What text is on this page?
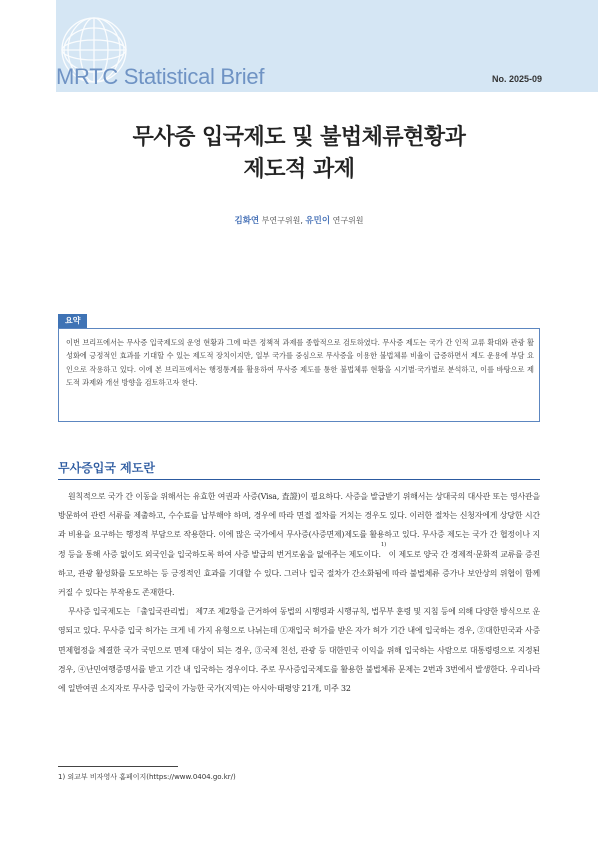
MRTC Statistical Brief	No. 2025-09
무사증 입국제도 및 불법체류현황과
제도적 과제
김화연 부연구위원, 유민이 연구위원
요약
이번 브리프에서는 무사증 입국제도의 운영 현황과 그에 따른 정책적 과제를 종합적으로 검토하였다. 무사증 제도는 국가 간 인적 교류 확대와 관광 활성화에 긍정적인 효과를 기대할 수 있는 제도적 장치이지만, 일부 국가를 중심으로 무사증을 이용한 불법체류 비율이 급증하면서 제도 운용에 부담 요인으로 작용하고 있다. 이에 본 브리프에서는 행정통계를 활용하여 무사증 제도를 통한 불법체류 현황을 시기별·국가별로 분석하고, 이를 바탕으로 제도적 과제와 개선 방향을 검토하고자 한다.
무사증입국 제도란

원칙적으로 국가 간 이동을 위해서는 유효한 여권과 사증(Visa, 査證)이 필요하다. 사증을 발급받기 위해서는 상대국의 대사관 또는 영사관을 방문하여 관련 서류를 제출하고, 수수료를 납부해야 하며, 경우에 따라 면접 절차를 거치는 경우도 있다. 이러한 절차는 신청자에게 상당한 시간과 비용을 요구하는 행정적 부담으로 작용한다. 이에 많은 국가에서 무사증(사증면제)제도를 활용하고 있다. 무사증 제도는 국가 간 협정이나 지정 등을 통해 사증 없이도 외국인을 입국하도록 하여 사증 발급의 번거로움을 없애주는 제도이다.$^{1)}$ 이 제도로 양국 간 경제적·문화적 교류를 증진하고, 관광 활성화를 도모하는 등 긍정적인 효과를 기대할 수 있다. 그러나 입국 절차가 간소화됨에 따라 불법체류 증가나 보안상의 위협이 함께 커질 수 있다는 부작용도 존재한다.

무사증 입국제도는 「출입국관리법」 제7조 제2항을 근거하여 동법의 시행령과 시행규칙, 법무부 훈령 및 지침 등에 의해 다양한 방식으로 운영되고 있다. 무사증 입국 허가는 크게 네 가지 유형으로 나뉘는데 ①재입국 허가를 받은 자가 허가 기간 내에 입국하는 경우, ②대한민국과 사증면제협정을 체결한 국가 국민으로 면제 대상이 되는 경우, ③국제 친선, 관광 등 대한민국 이익을 위해 입국하는 사람으로 대통령령으로 지정된 경우, ④난민여행증명서를 받고 기간 내 입국하는 경우이다. 주로 무사증입국제도를 활용한 불법체류 문제는 2번과 3번에서 발생한다. 우리나라에 일반여권 소지자로 무사증 입국이 가능한 국가(지역)는 아시아·태평양 21개, 미주 32

1) 외교부 비자영사 홈페이지(https://www.0404.go.kr/)
